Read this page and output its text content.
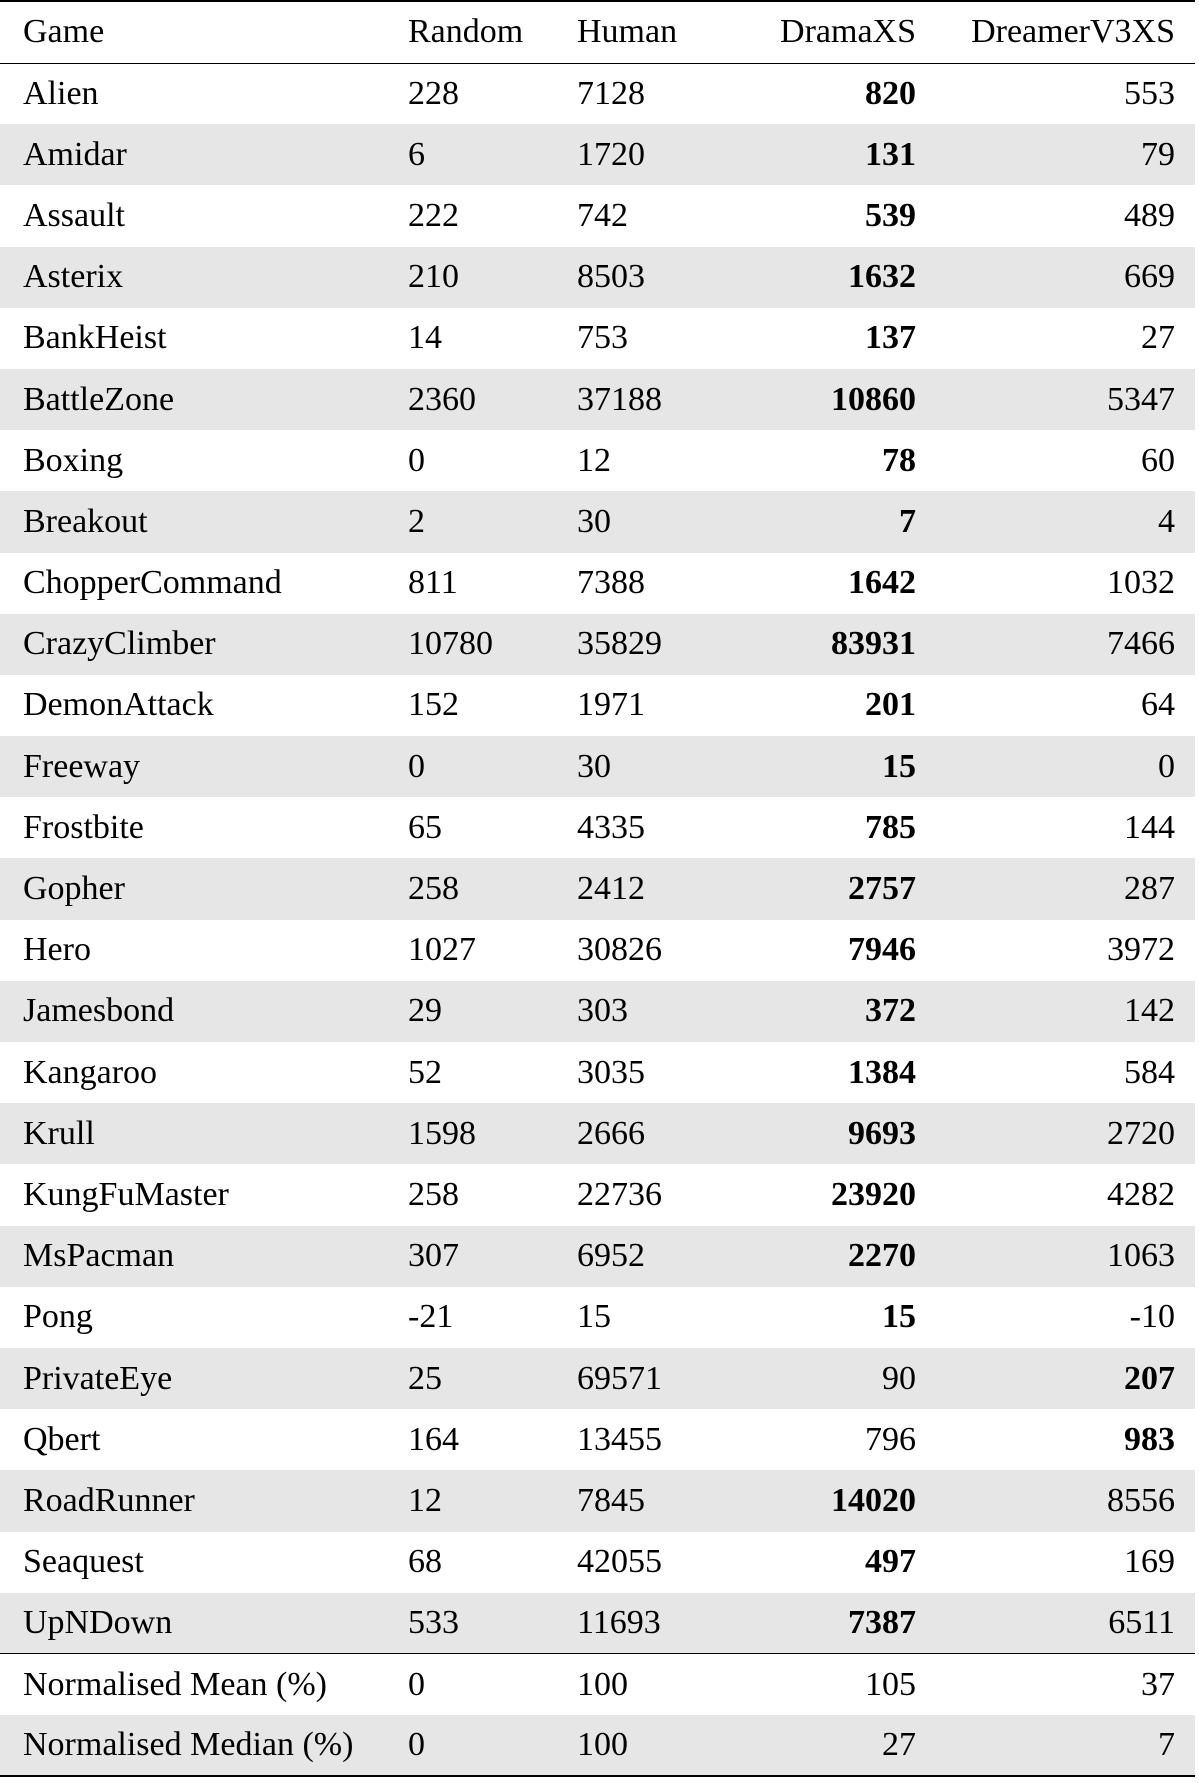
Game	Random	Human	DramaXS	DreamerV3XS
Alien	228	7128	820	553
Amidar	6	1720	131	79
Assault	222	742	539	489
Asterix	210	8503	1632	669
BankHeist	14	753	137	27
BattleZone	2360	37188	10860	5347
Boxing	0	12	78	60
Breakout	2	30	7	4
ChopperCommand	811	7388	1642	1032
CrazyClimber	10780	35829	83931	7466
DemonAttack	152	1971	201	64
Freeway	0	30	15	0
Frostbite	65	4335	785	144
Gopher	258	2412	2757	287
Hero	1027	30826	7946	3972
Jamesbond	29	303	372	142
Kangaroo	52	3035	1384	584
Krull	1598	2666	9693	2720
KungFuMaster	258	22736	23920	4282
MsPacman	307	6952	2270	1063
Pong	-21	15	15	-10
PrivateEye	25	69571	90	207
Qbert	164	13455	796	983
RoadRunner	12	7845	14020	8556
Seaquest	68	42055	497	169
UpNDown	533	11693	7387	6511
Normalised Mean (%)	0	100	105	37
Normalised Median (%)	0	100	27	7
